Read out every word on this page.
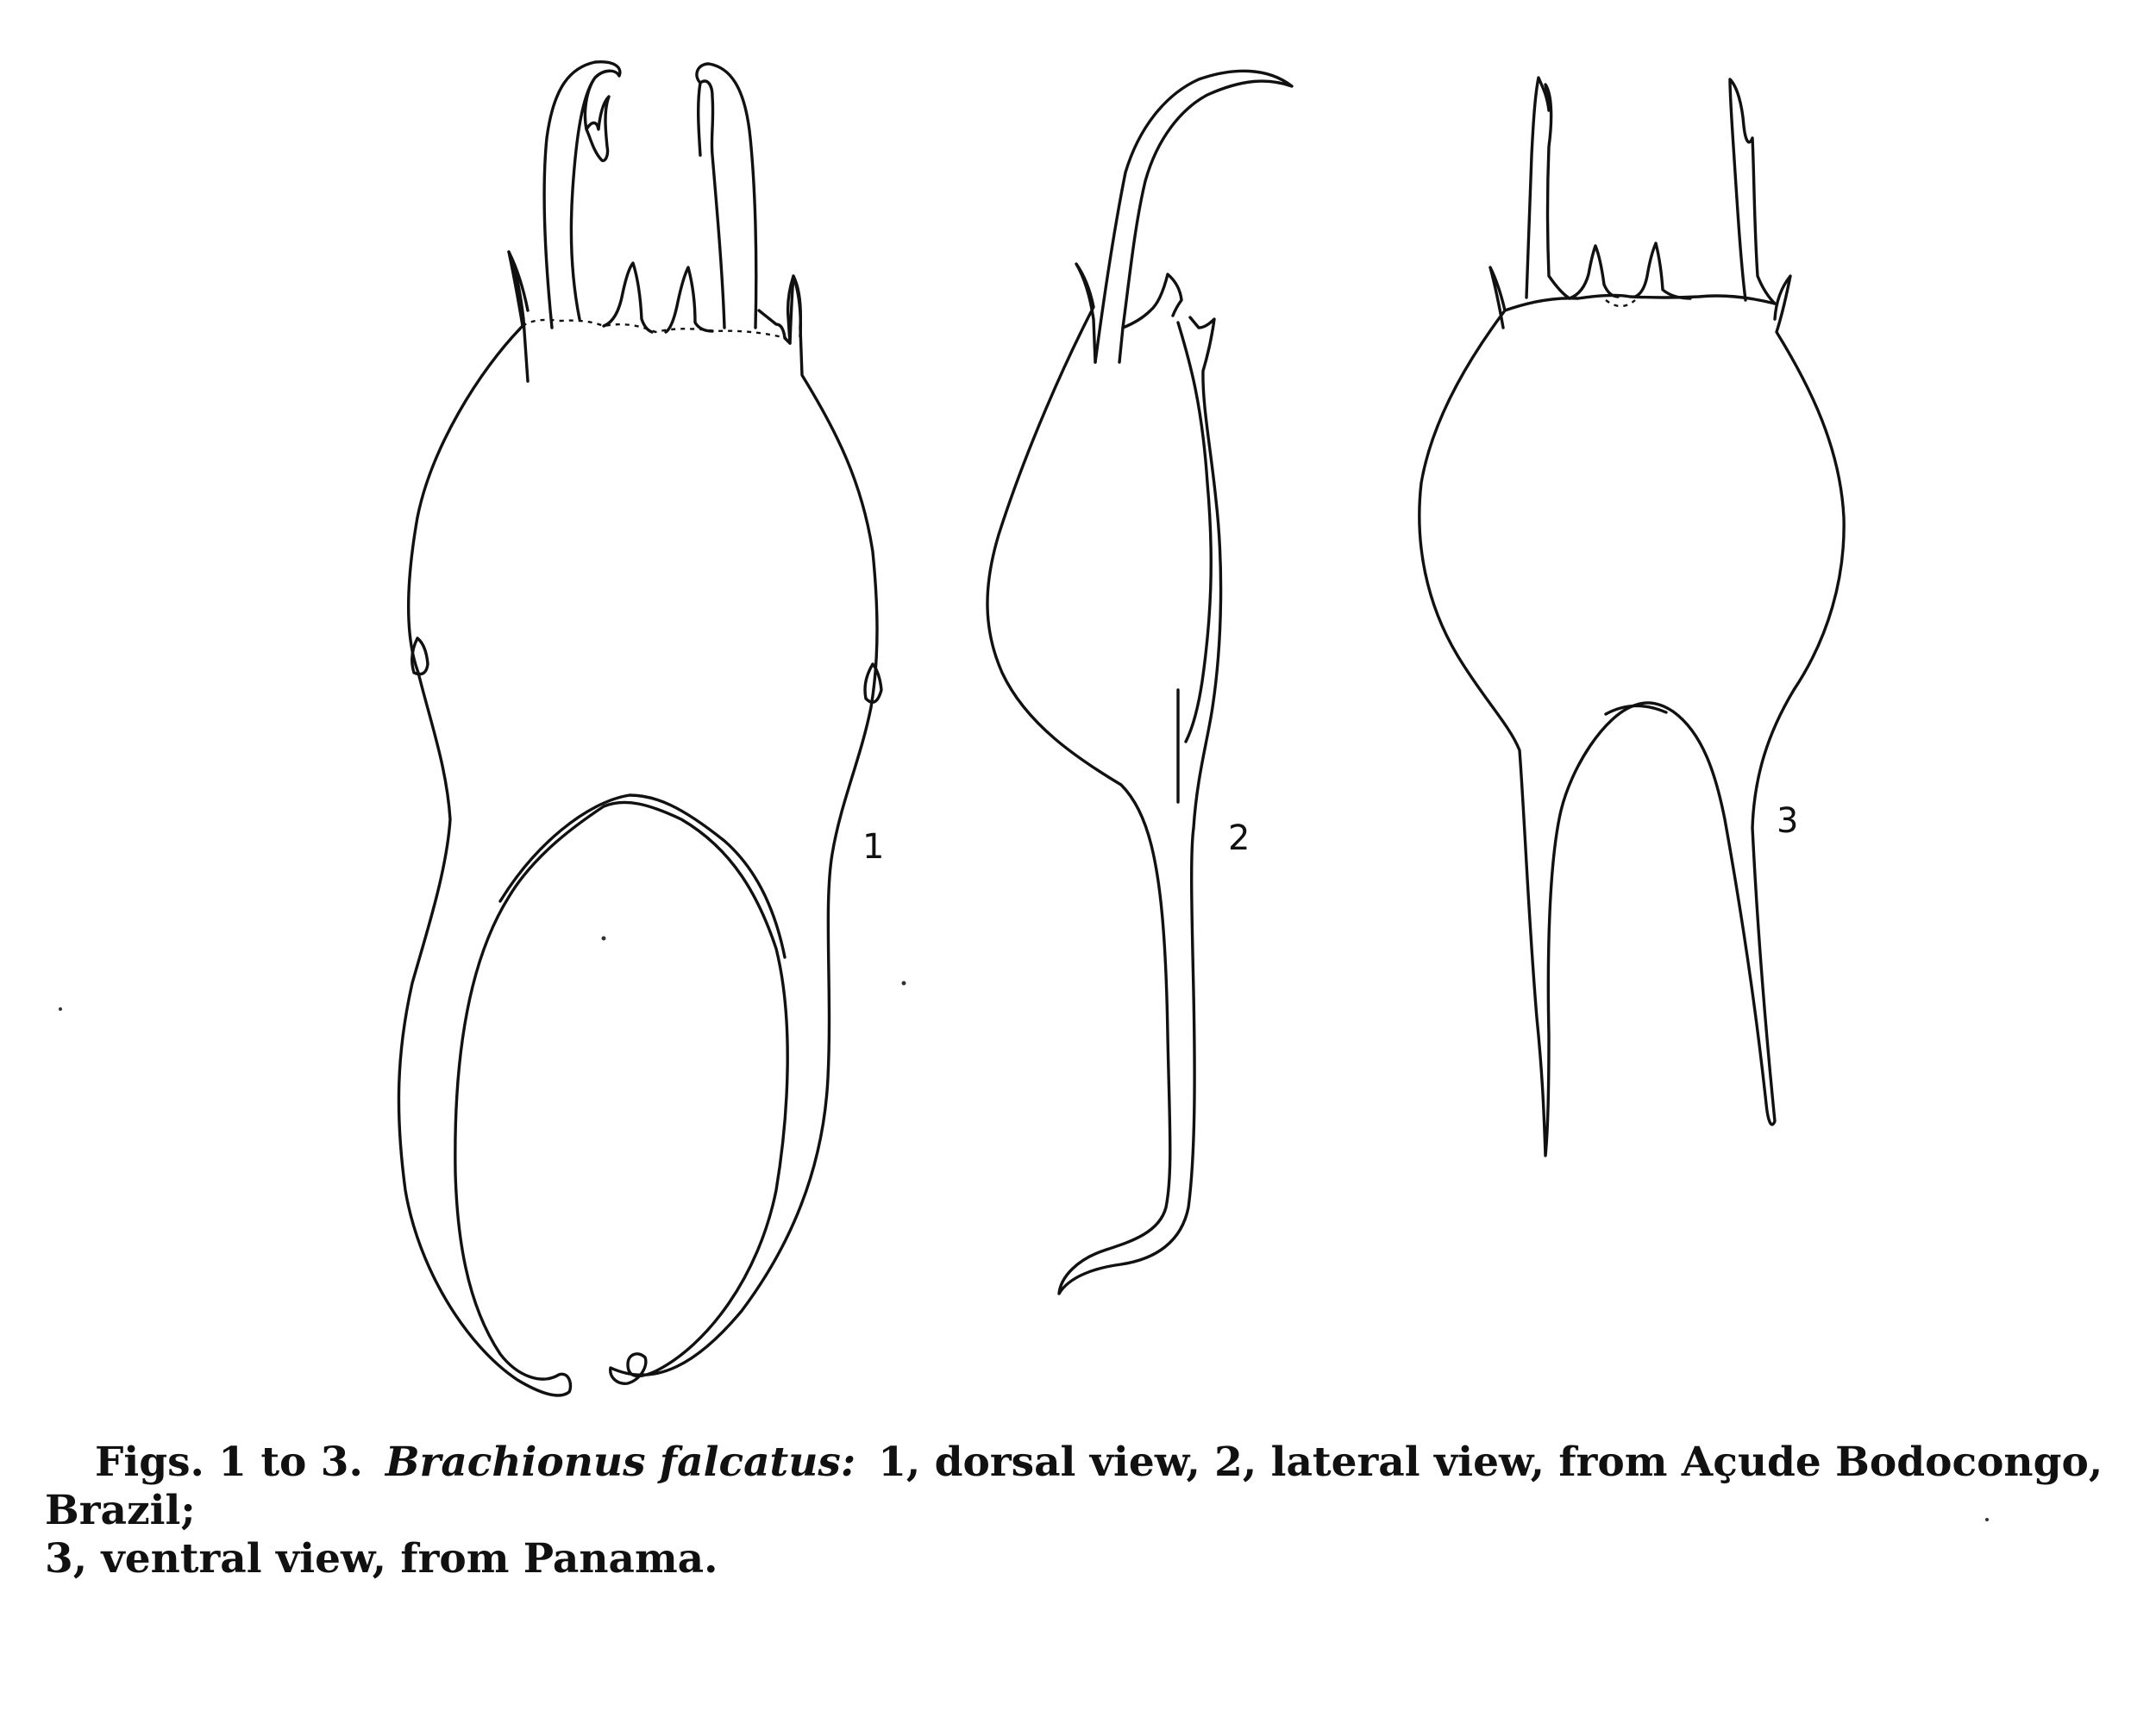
1	2	3
Figs. 1 to 3. Brachionus falcatus: 1, dorsal view, 2, lateral view, from Açude Bodocongo, Brazil;
3, ventral view, from Panama.
